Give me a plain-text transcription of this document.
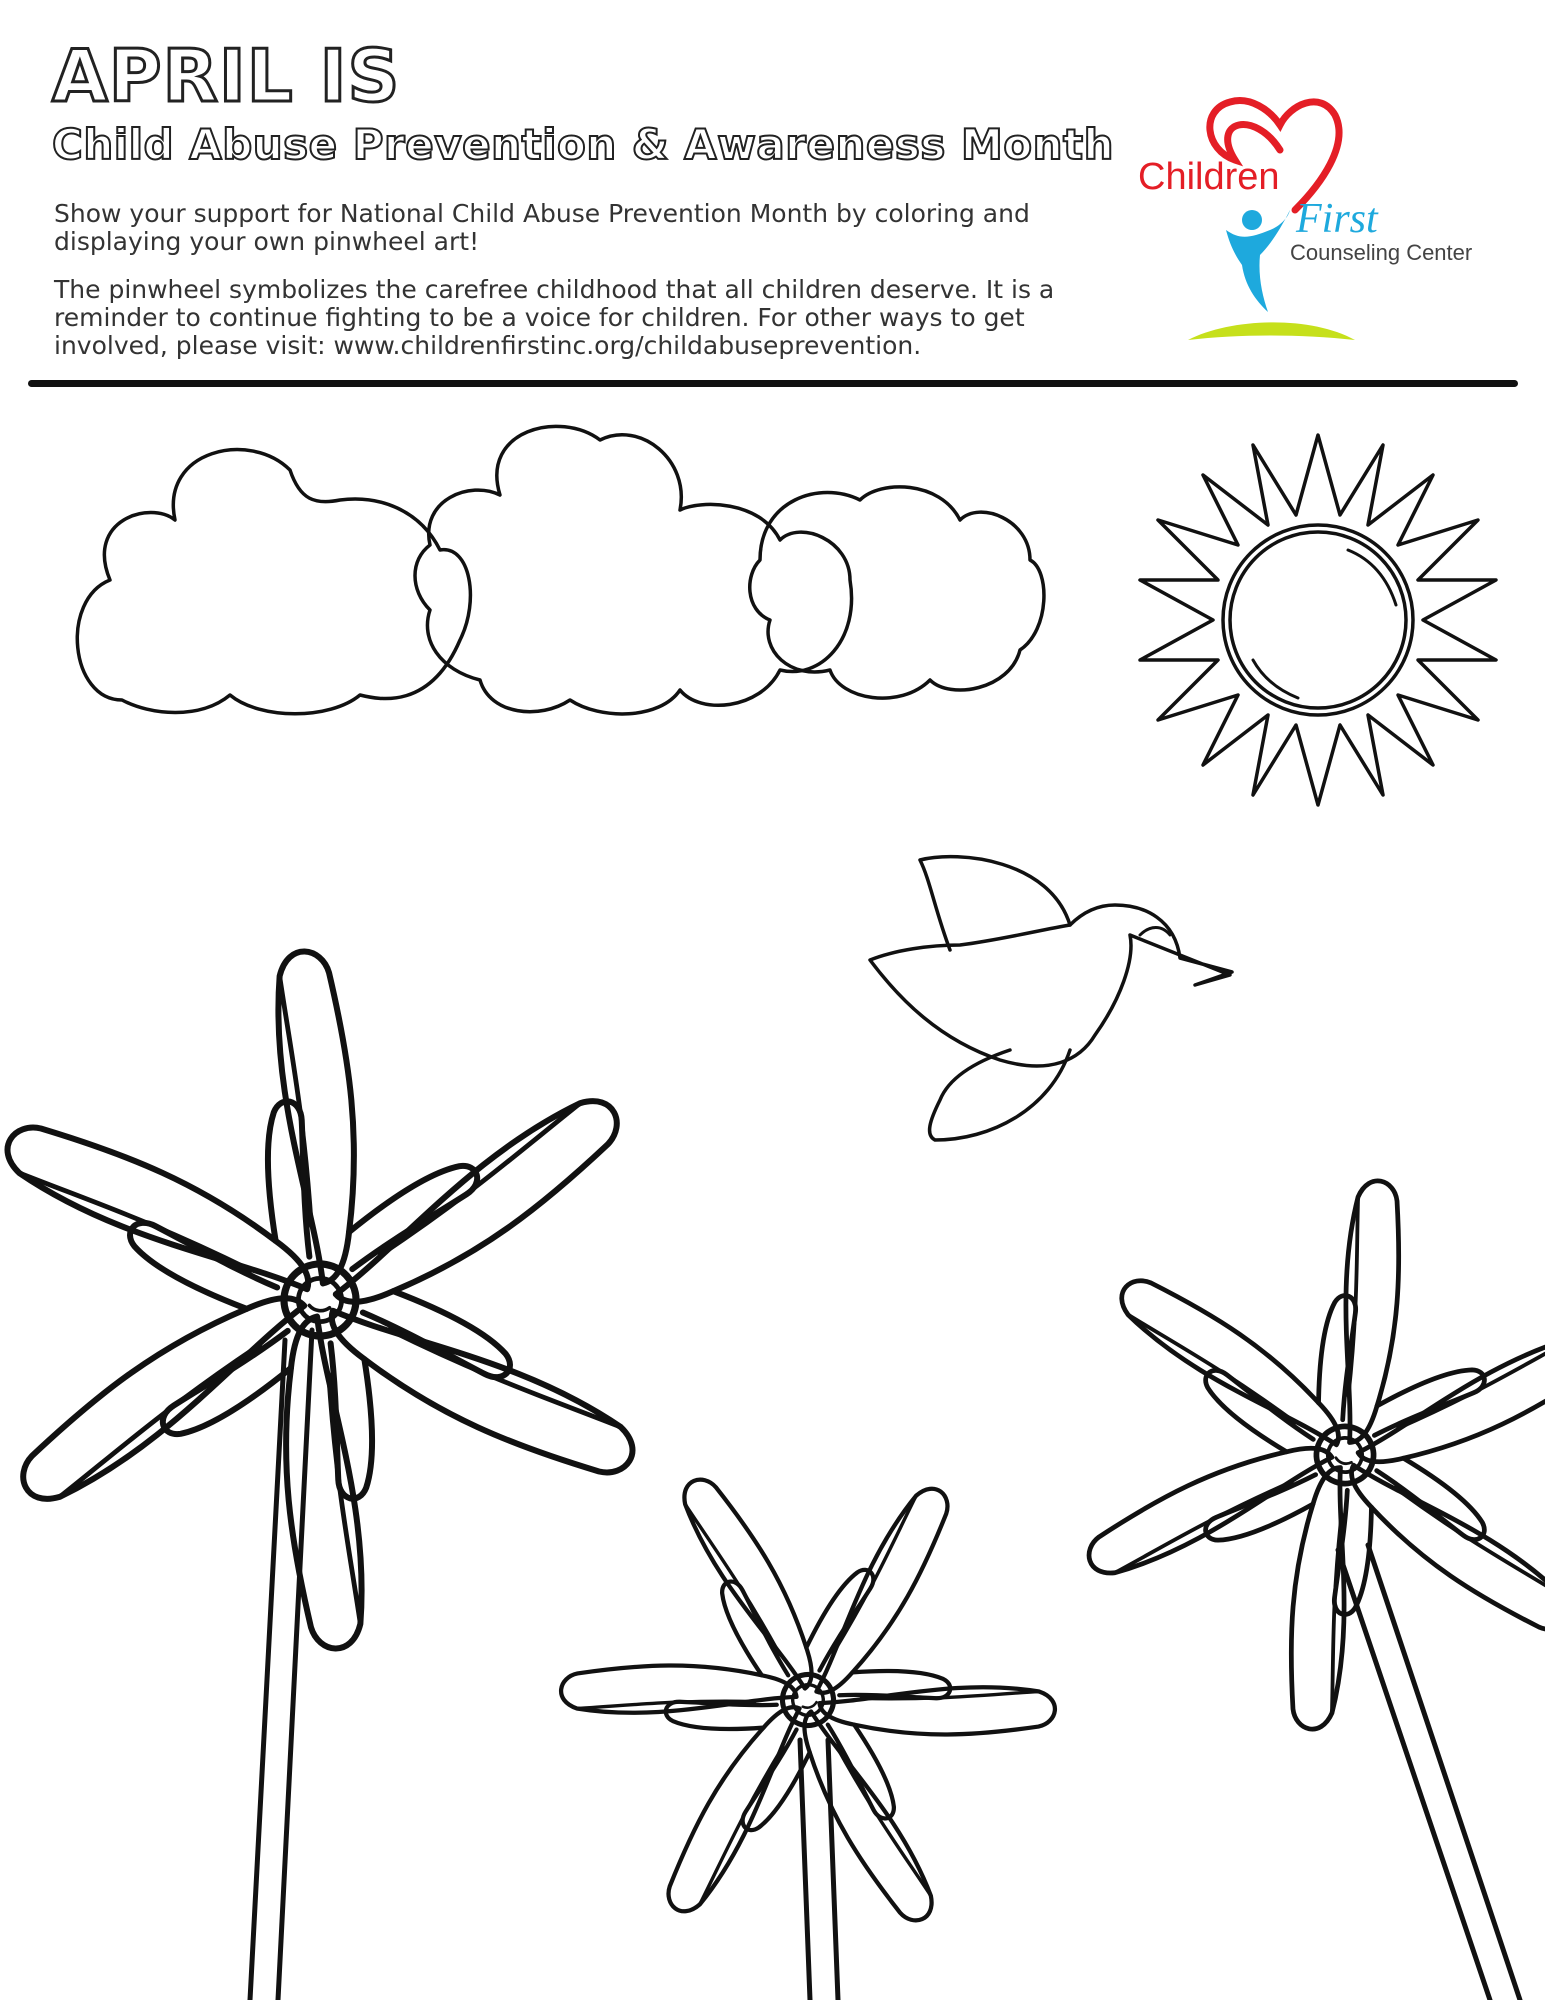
APRIL IS
Child Abuse Prevention & Awareness Month

Show your support for National Child Abuse Prevention Month by coloring and displaying your own pinwheel art!

The pinwheel symbolizes the carefree childhood that all children deserve. It is a reminder to continue fighting to be a voice for children. For other ways to get involved, please visit: www.childrenfirstinc.org/childabuseprevention.

Children
First
Counseling Center
